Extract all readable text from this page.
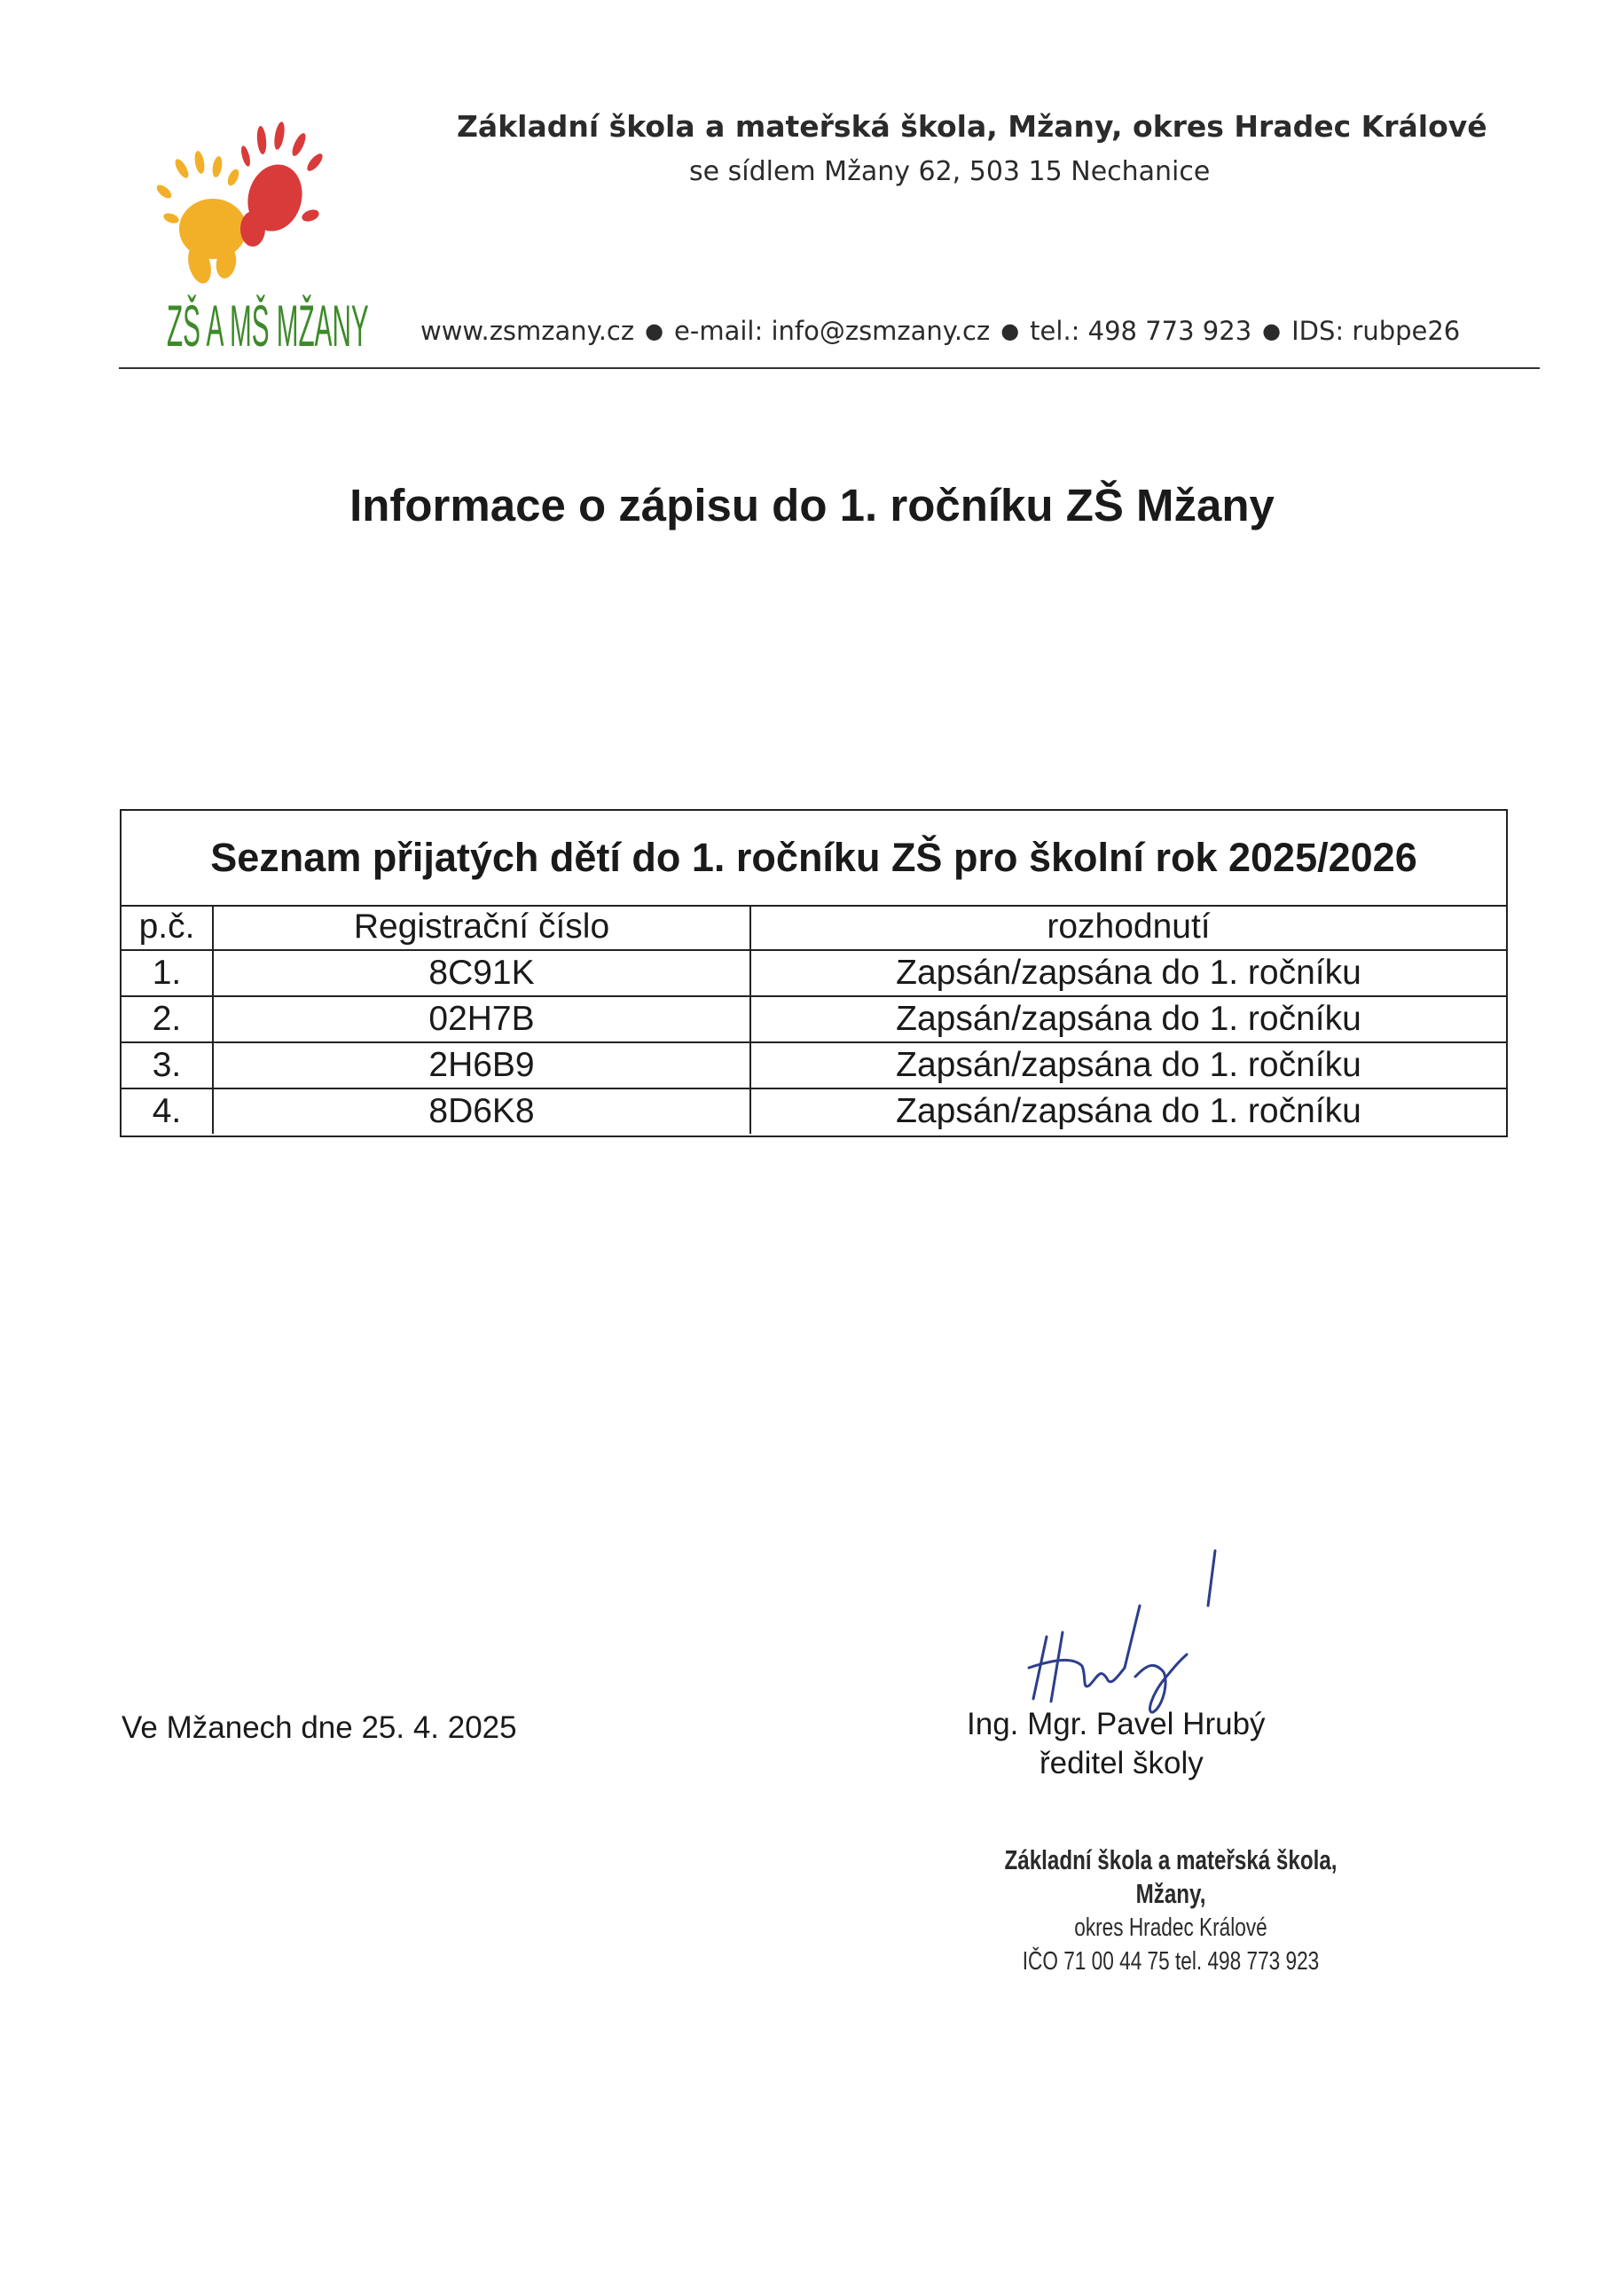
ZŠ A MŠ MŽANY
Základní škola a mateřská škola, Mžany, okres Hradec Králové
se sídlem Mžany 62, 503 15 Nechanice
www.zsmzany.cz ● e-mail: info@zsmzany.cz ● tel.: 498 773 923 ● IDS: rubpe26
Informace o zápisu do 1. ročníku ZŠ Mžany
Seznam přijatých dětí do 1. ročníku ZŠ pro školní rok 2025/2026
p.č.	Registrační číslo	rozhodnutí
1.	8C91K	Zapsán/zapsána do 1. ročníku
2.	02H7B	Zapsán/zapsána do 1. ročníku
3.	2H6B9	Zapsán/zapsána do 1. ročníku
4.	8D6K8	Zapsán/zapsána do 1. ročníku
Ve Mžanech dne 25. 4. 2025	Ing. Mgr. Pavel Hrubý
ředitel školy
Základní škola a mateřská škola,
Mžany,
okres Hradec Králové
IČO 71 00 44 75 tel. 498 773 923
